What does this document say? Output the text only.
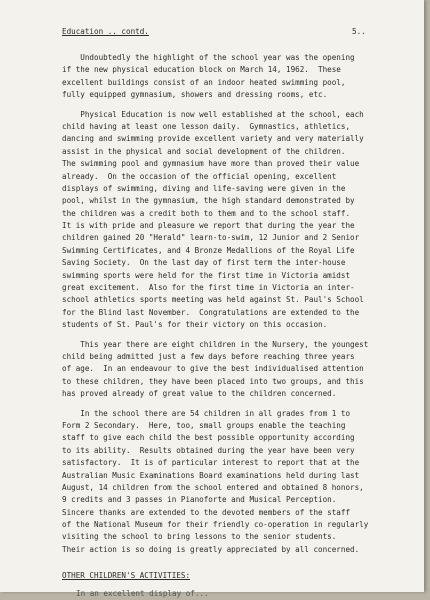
Education .. contd.	5..
Undoubtedly the highlight of the school year was the opening
if the new physical education block on March 14, 1962.  These
excellent buildings consist of an indoor heated swimming pool,
fully equipped gymnasium, showers and dressing rooms, etc.
Physical Education is now well established at the school, each
child having at least one lesson daily.  Gymnastics, athletics,
dancing and swimming provide excellent variety and very materially
assist in the physical and social development of the children.
The swimming pool and gymnasium have more than proved their value
already.  On the occasion of the official opening, excellent
displays of swimming, diving and life-saving were given in the
pool, whilst in the gymnasium, the high standard demonstrated by
the children was a credit both to them and to the school staff.
It is with pride and pleasure we report that during the year the
children gained 20 "Herald" learn-to-swim, 12 Junior and 2 Senior
Swimming Certificates, and 4 Bronze Medallions of the Royal Life
Saving Society.  On the last day of first term the inter-house
swimming sports were held for the first time in Victoria amidst
great excitement.  Also for the first time in Victoria an inter-
school athletics sports meeting was held against St. Paul's School
for the Blind last November.  Congratulations are extended to the
students of St. Paul's for their victory on this occasion.
This year there are eight children in the Nursery, the youngest
child being admitted just a few days before reaching three years
of age.  In an endeavour to give the best individualised attention
to these children, they have been placed into two groups, and this
has proved already of great value to the children concerned.
In the school there are 54 children in all grades from 1 to
Form 2 Secondary.  Here, too, small groups enable the teaching
staff to give each child the best possible opportunity according
to its ability.  Results obtained during the year have been very
satisfactory.  It is of particular interest to report that at the
Australian Music Examinations Board examinations held during last
August, 14 children from the school entered and obtained 8 honors,
9 credits and 3 passes in Pianoforte and Musical Perception.
Sincere thanks are extended to the devoted members of the staff
of the National Museum for their friendly co-operation in regularly
visiting the school to bring lessons to the senior students.
Their action is so doing is greatly appreciated by all concerned.
OTHER CHILDREN'S ACTIVITIES:
In an excellent display of...
